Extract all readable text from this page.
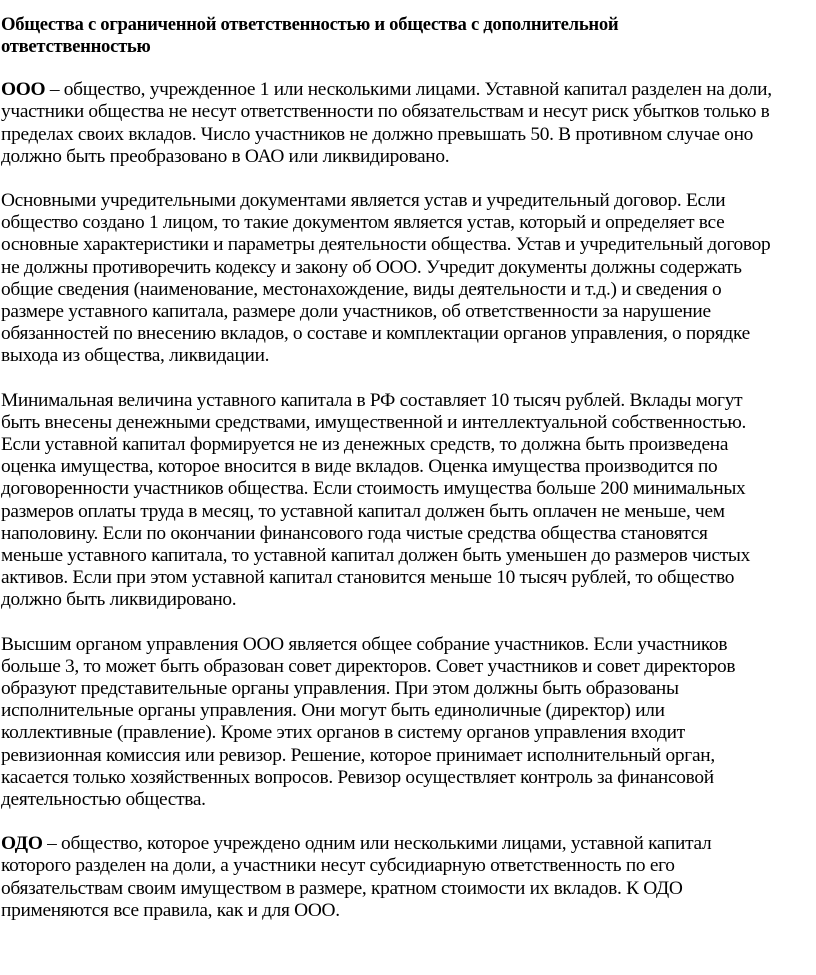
Общества с ограниченной ответственностью и общества с дополнительной
ответственностью

ООО – общество, учрежденное 1 или несколькими лицами. Уставной капитал разделен на доли,
участники общества не несут ответственности по обязательствам и несут риск убытков только в
пределах своих вкладов. Число участников не должно превышать 50. В противном случае оно
должно быть преобразовано в ОАО или ликвидировано.

Основными учредительными документами является устав и учредительный договор. Если
общество создано 1 лицом, то такие документом является устав, который и определяет все
основные характеристики и параметры деятельности общества. Устав и учредительный договор
не должны противоречить кодексу и закону об ООО. Учредит документы должны содержать
общие сведения (наименование, местонахождение, виды деятельности и т.д.) и сведения о
размере уставного капитала, размере доли участников, об ответственности за нарушение
обязанностей по внесению вкладов, о составе и комплектации органов управления, о порядке
выхода из общества, ликвидации.

Минимальная величина уставного капитала в РФ составляет 10 тысяч рублей. Вклады могут
быть внесены денежными средствами, имущественной и интеллектуальной собственностью.
Если уставной капитал формируется не из денежных средств, то должна быть произведена
оценка имущества, которое вносится в виде вкладов. Оценка имущества производится по
договоренности участников общества. Если стоимость имущества больше 200 минимальных
размеров оплаты труда в месяц, то уставной капитал должен быть оплачен не меньше, чем
наполовину. Если по окончании финансового года чистые средства общества становятся
меньше уставного капитала, то уставной капитал должен быть уменьшен до размеров чистых
активов. Если при этом уставной капитал становится меньше 10 тысяч рублей, то общество
должно быть ликвидировано.

Высшим органом управления ООО является общее собрание участников. Если участников
больше 3, то может быть образован совет директоров. Совет участников и совет директоров
образуют представительные органы управления. При этом должны быть образованы
исполнительные органы управления. Они могут быть единоличные (директор) или
коллективные (правление). Кроме этих органов в систему органов управления входит
ревизионная комиссия или ревизор. Решение, которое принимает исполнительный орган,
касается только хозяйственных вопросов. Ревизор осуществляет контроль за финансовой
деятельностью общества.

ОДО – общество, которое учреждено одним или несколькими лицами, уставной капитал
которого разделен на доли, а участники несут субсидиарную ответственность по его
обязательствам своим имуществом в размере, кратном стоимости их вкладов. К ОДО
применяются все правила, как и для ООО.
